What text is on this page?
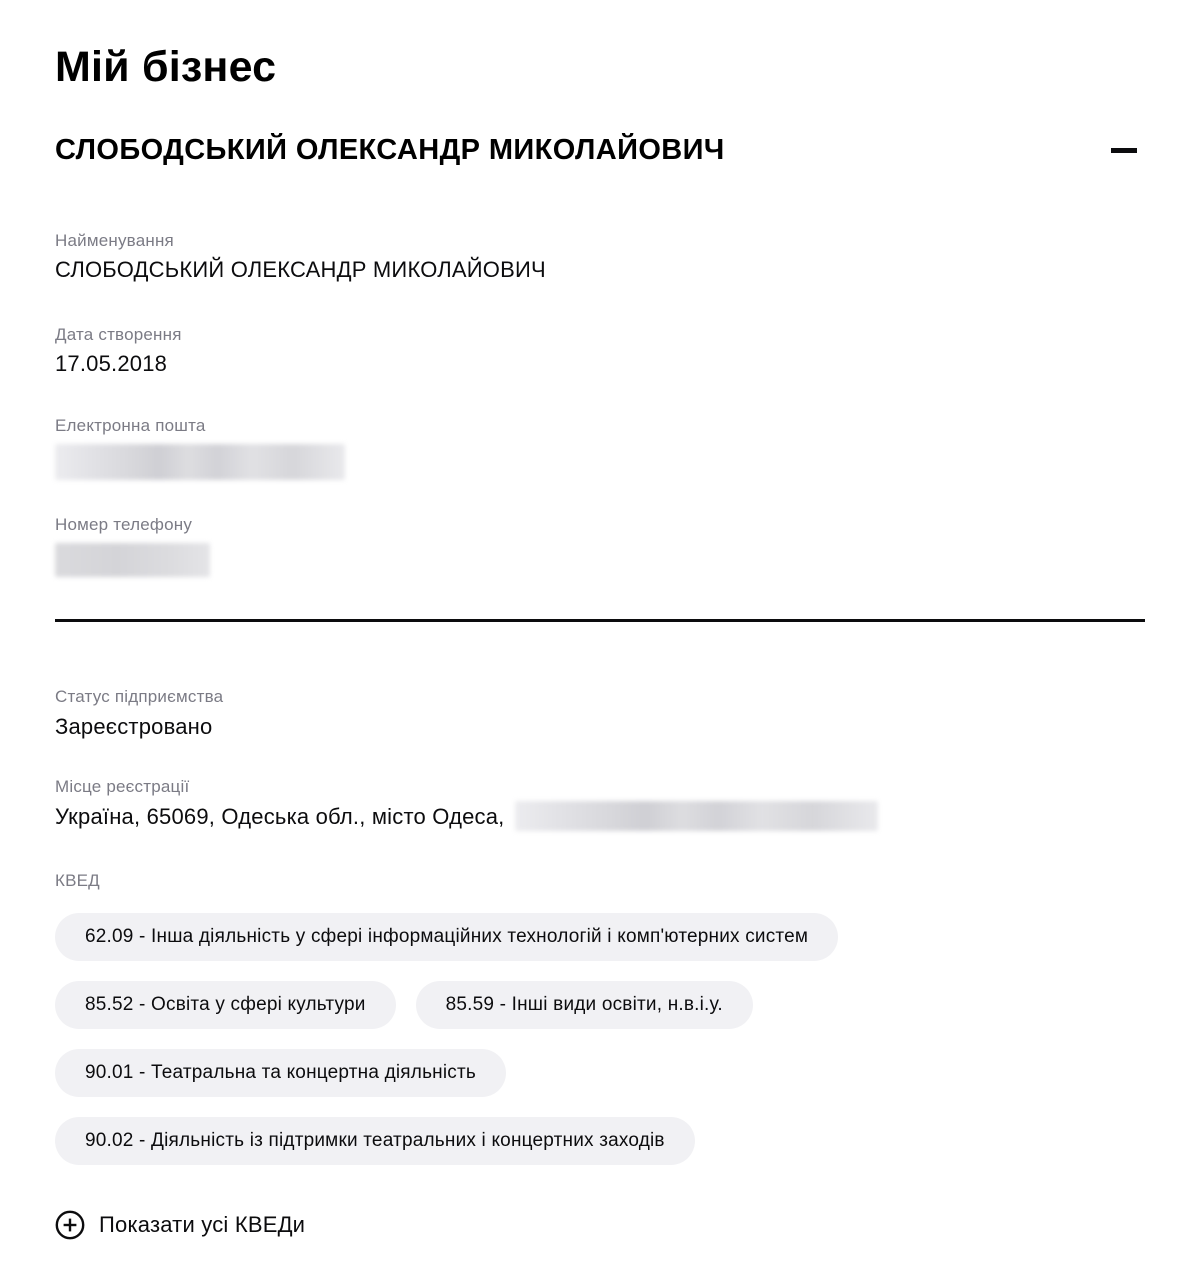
Мій бізнес
СЛОБОДСЬКИЙ ОЛЕКСАНДР МИКОЛАЙОВИЧ
Найменування
СЛОБОДСЬКИЙ ОЛЕКСАНДР МИКОЛАЙОВИЧ
Дата створення
17.05.2018
Електронна пошта
Номер телефону
Статус підприємства
Зареєстровано
Місце реєстрації
Україна, 65069, Одеська обл., місто Одеса,
КВЕД
62.09 - Інша діяльність у сфері інформаційних технологій і комп'ютерних систем
85.52 - Освіта у сфері культури	85.59 - Інші види освіти, н.в.і.у.
90.01 - Театральна та концертна діяльність
90.02 - Діяльність із підтримки театральних і концертних заходів
Показати усі КВЕДи
